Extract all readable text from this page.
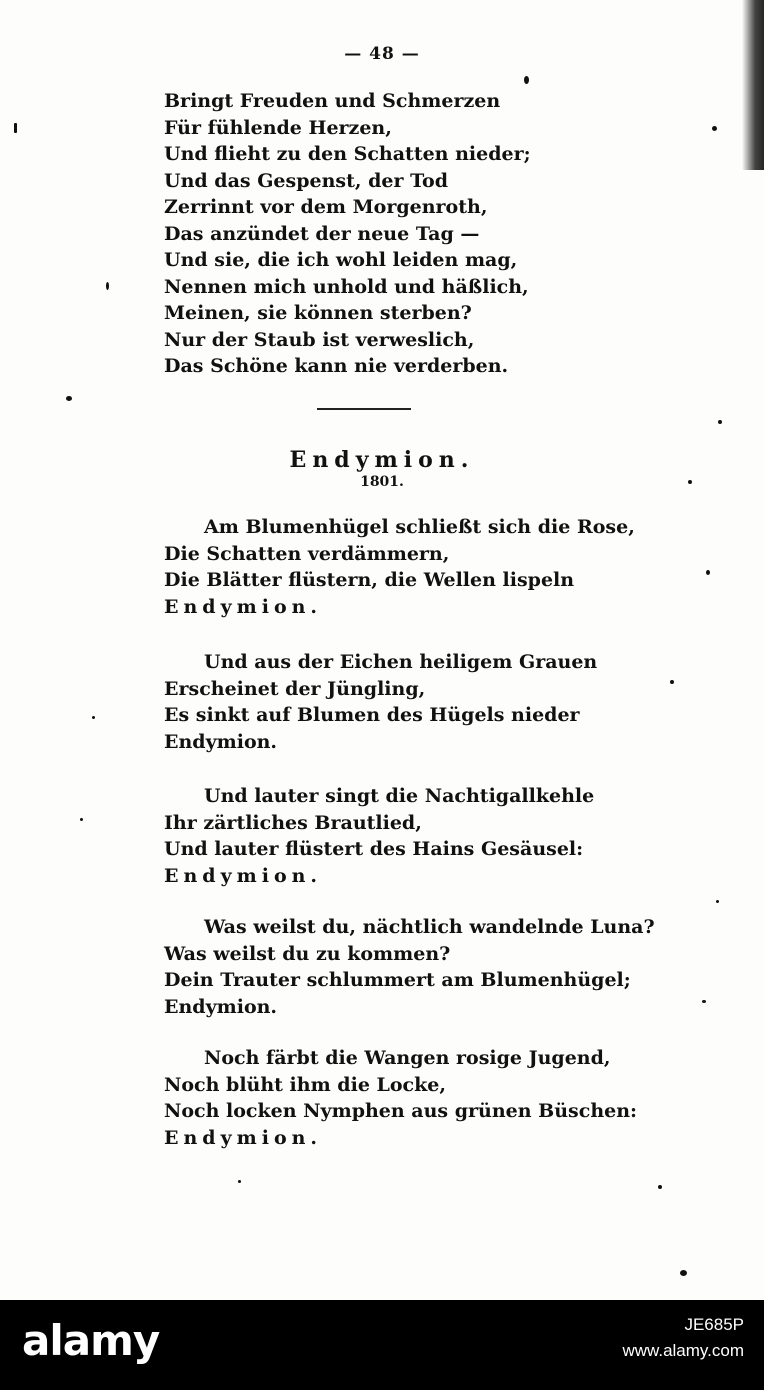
— 48 —
Bringt Freuden und Schmerzen
Für fühlende Herzen,
Und flieht zu den Schatten nieder;
Und das Gespenst, der Tod
Zerrinnt vor dem Morgenroth,
Das anzündet der neue Tag —
Und sie, die ich wohl leiden mag,
Nennen mich unhold und häßlich,
Meinen, sie können sterben?
Nur der Staub ist verweslich,
Das Schöne kann nie verderben.
Endymion.
1801.
Am Blumenhügel schließt sich die Rose,
Die Schatten verdämmern,
Die Blätter flüstern, die Wellen lispeln
Endymion.
Und aus der Eichen heiligem Grauen
Erscheinet der Jüngling,
Es sinkt auf Blumen des Hügels nieder
Endymion.
Und lauter singt die Nachtigallkehle
Ihr zärtliches Brautlied,
Und lauter flüstert des Hains Gesäusel:
Endymion.
Was weilst du, nächtlich wandelnde Luna?
Was weilst du zu kommen?
Dein Trauter schlummert am Blumenhügel;
Endymion.
Noch färbt die Wangen rosige Jugend,
Noch blüht ihm die Locke,
Noch locken Nymphen aus grünen Büschen:
Endymion.
alamy	JE685P
www.alamy.com
